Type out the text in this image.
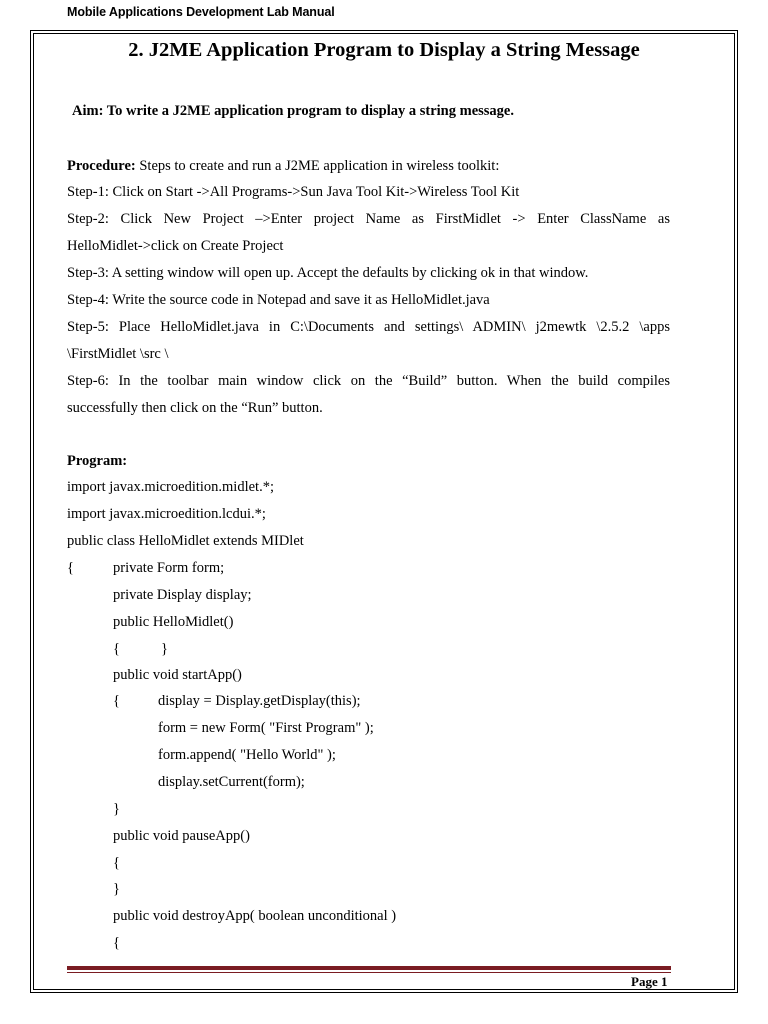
Mobile Applications Development Lab Manual
2. J2ME Application Program to Display a String Message
Aim: To write a J2ME application program to display a string message.
Procedure: Steps to create and run a J2ME application in wireless toolkit:
Step-1: Click on Start ->All Programs->Sun Java Tool Kit->Wireless Tool Kit
Step-2: Click New Project –>Enter project Name as FirstMidlet -> Enter ClassName as
HelloMidlet->click on Create Project
Step-3: A setting window will open up. Accept the defaults by clicking ok in that window.
Step-4: Write the source code in Notepad and save it as HelloMidlet.java
Step-5: Place HelloMidlet.java in C:\Documents and settings\ ADMIN\ j2mewtk \2.5.2 \apps
\FirstMidlet \src \
Step-6: In the toolbar main window click on the “Build” button. When the build compiles
successfully then click on the “Run” button.
Program:
import javax.microedition.midlet.*;
import javax.microedition.lcdui.*;
public class HelloMidlet extends MIDlet
{	private Form form;
private Display display;
public HelloMidlet()
{	}
public void startApp()
{	display = Display.getDisplay(this);
form = new Form( "First Program" );
form.append( "Hello World" );
display.setCurrent(form);
}
public void pauseApp()
{
}
public void destroyApp( boolean unconditional )
{
Page 1
